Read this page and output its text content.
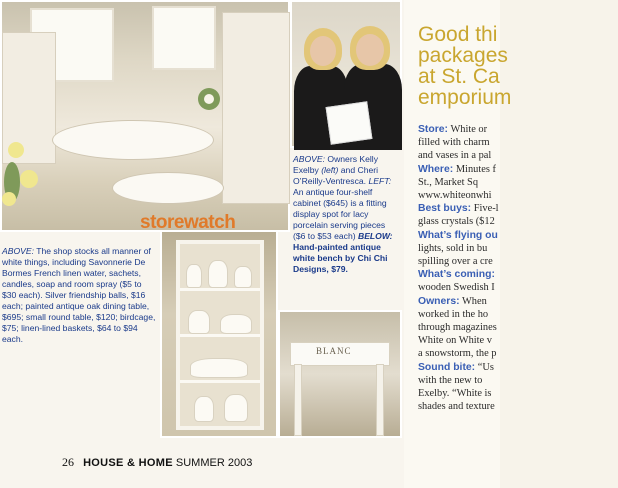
BLANC
storewatch
ABOVE: The shop stocks all manner of white things, including Savonnerie De Bormes French linen water, sachets, candles, soap and room spray ($5 to $30 each). Silver friendship balls, $16 each; painted antique oak dining table, $695; small round table, $120; birdcage, $75; linen-lined baskets, $64 to $94 each.
ABOVE: Owners Kelly Exelby (left) and Cheri O’Reilly-Ventresca. LEFT: An antique four-shelf cabinet ($645) is a fitting display spot for lacy porcelain serving pieces ($6 to $53 each) BELOW: Hand-painted antique white bench by Chi Chi Designs, $79.
Good thi
packages
at St. Ca
emporium
Store: White or
filled with charm
and vases in a pal
Where: Minutes f
St., Market Sq
www.whiteonwhi
Best buys: Five-l
glass crystals ($12
What’s flying ou
lights, sold in bu
spilling over a cre
What’s coming:
wooden Swedish I
Owners: When
worked in the ho
through magazines
White on White v
a snowstorm, the p
Sound bite: “Us
with the new to
Exelby. “White is
shades and texture
26 HOUSE & HOME SUMMER 2003
